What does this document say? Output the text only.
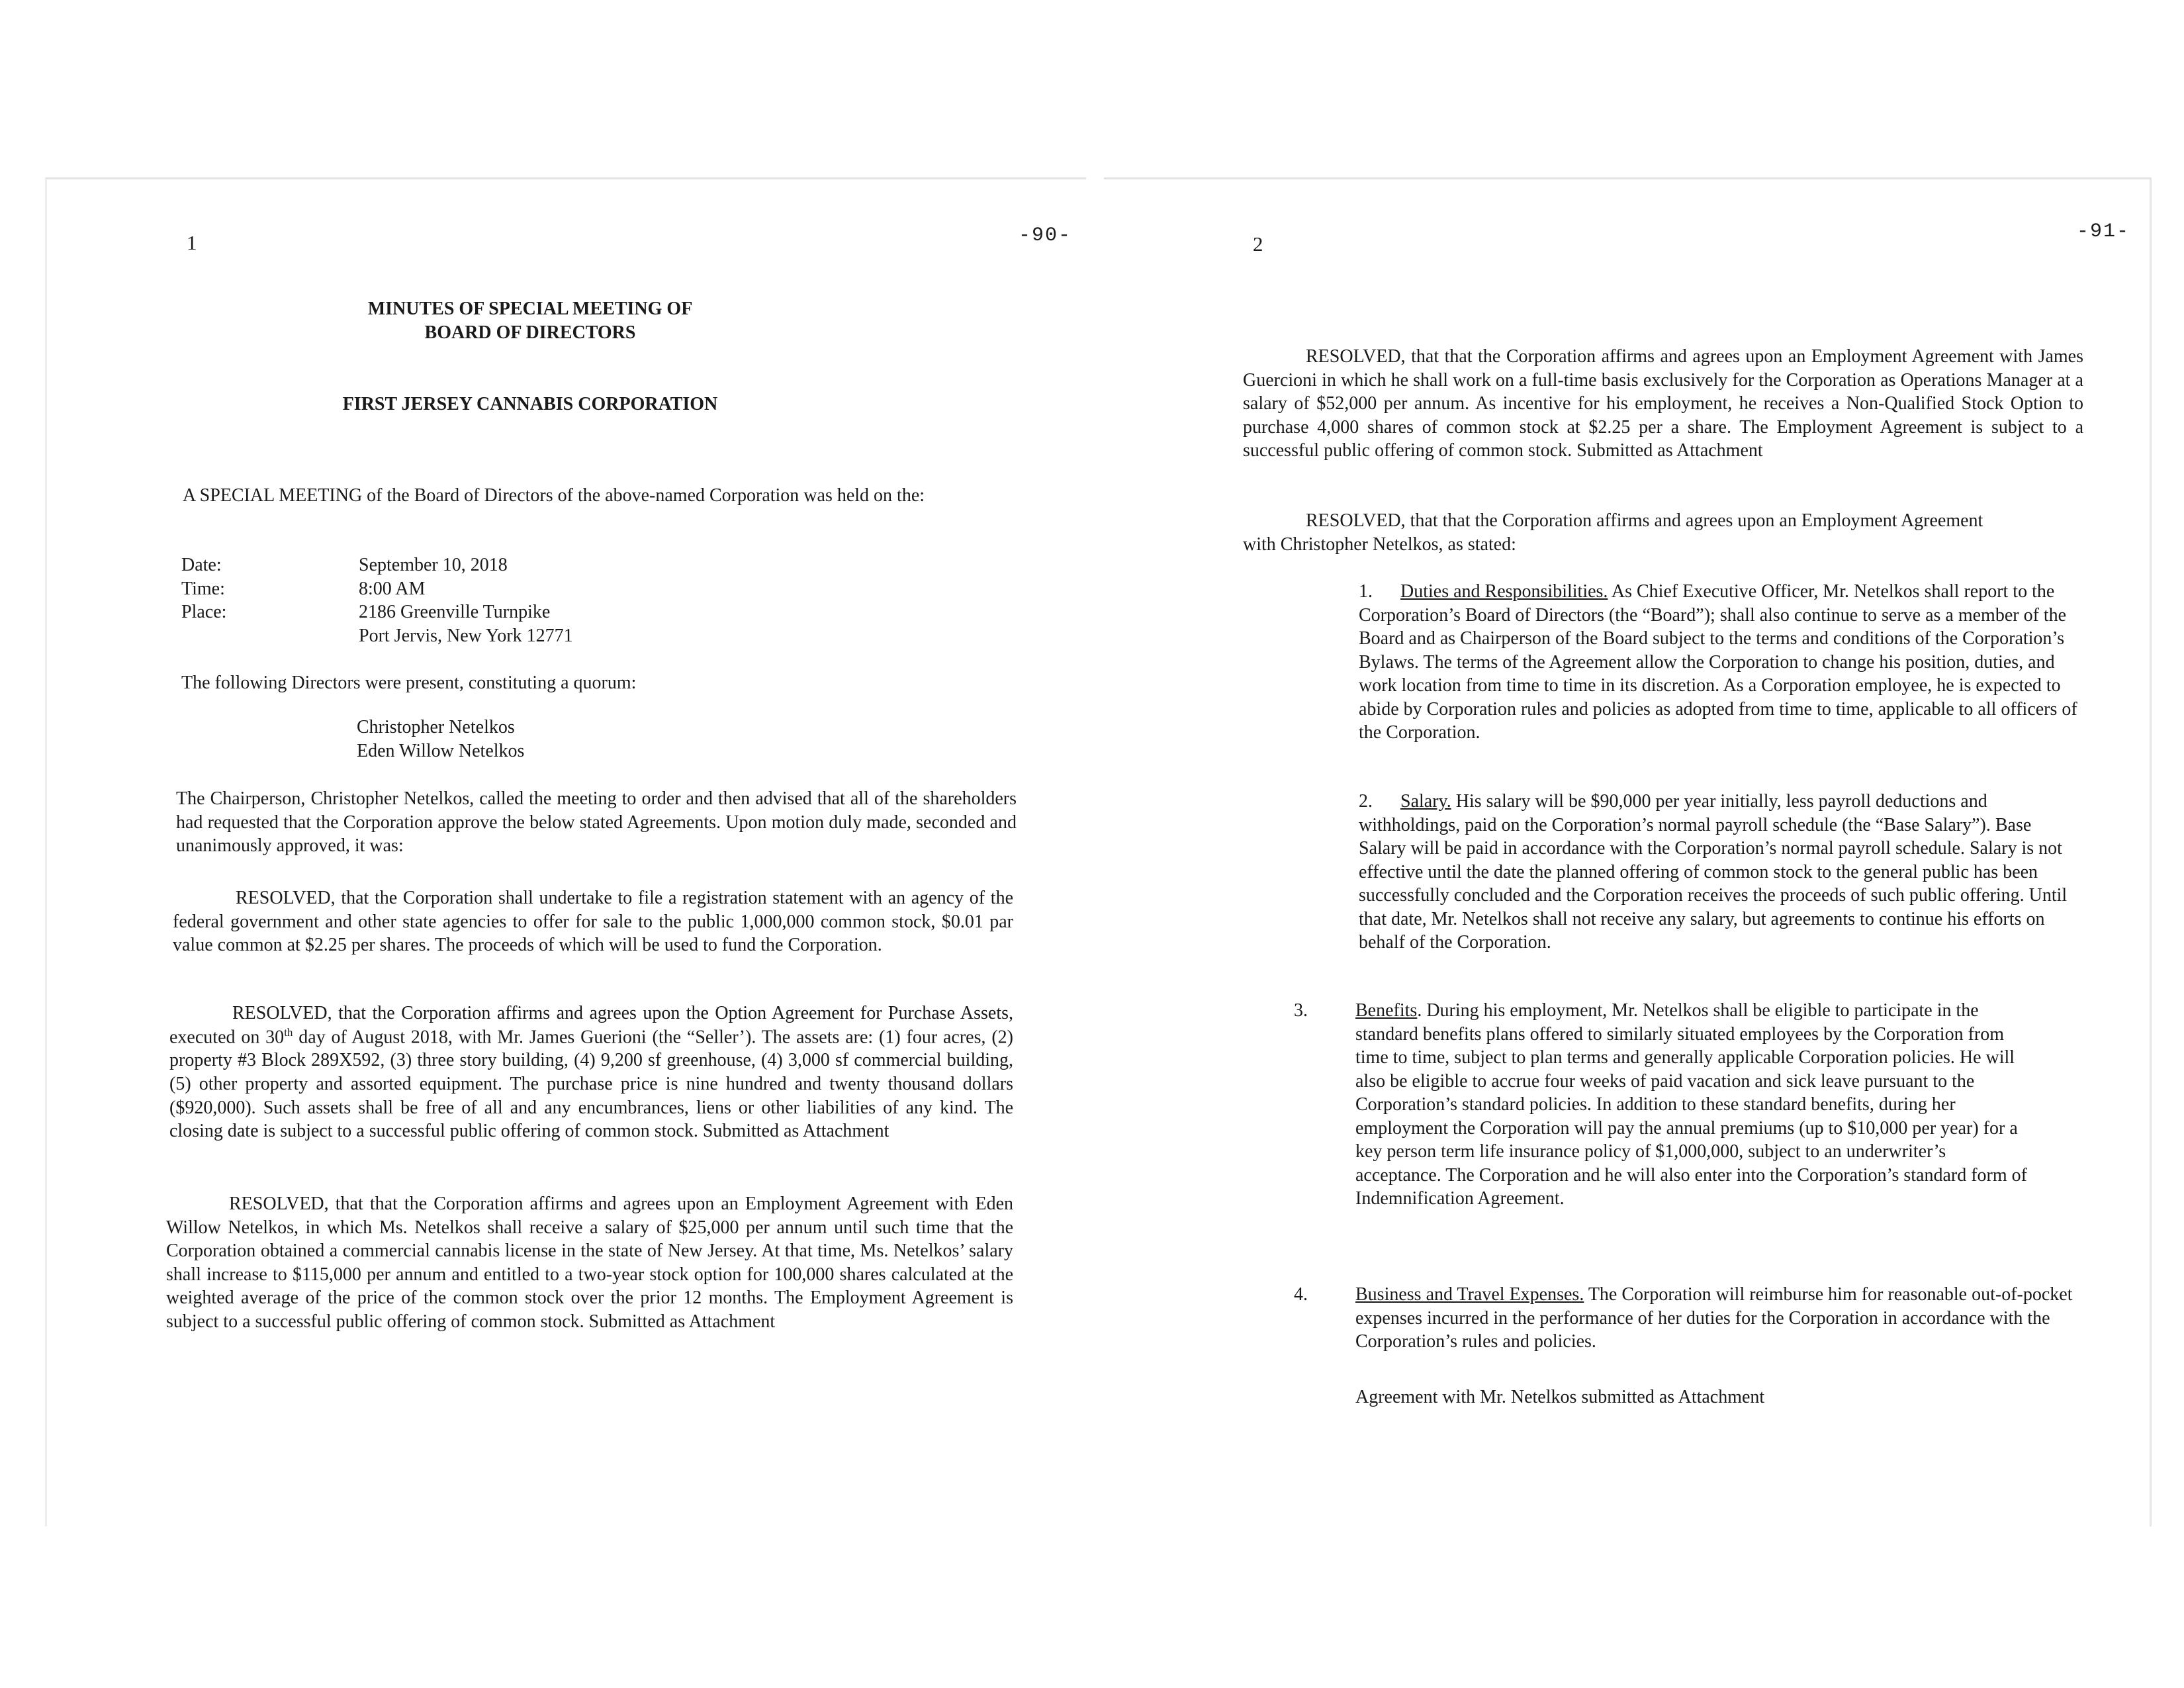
1	-90-
MINUTES OF SPECIAL MEETING OF
BOARD OF DIRECTORS
FIRST JERSEY CANNABIS CORPORATION
A SPECIAL MEETING of the Board of Directors of the above-named Corporation was held on the:
Date:	September 10, 2018
Time:	8:00 AM
Place:	2186 Greenville Turnpike
Port Jervis, New York 12771
The following Directors were present, constituting a quorum:
Christopher Netelkos
Eden Willow Netelkos

The Chairperson, Christopher Netelkos, called the meeting to order and then advised that all of the shareholders had requested that the Corporation approve the below stated Agreements. Upon motion duly made, seconded and unanimously approved, it was:

RESOLVED, that the Corporation shall undertake to file a registration statement with an agency of the federal government and other state agencies to offer for sale to the public 1,000,000 common stock, $0.01 par value common at $2.25 per shares. The proceeds of which will be used to fund the Corporation.

RESOLVED, that the Corporation affirms and agrees upon the Option Agreement for Purchase Assets, executed on 30th day of August 2018, with Mr. James Guerioni (the “Seller’). The assets are: (1) four acres, (2) property #3 Block 289X592, (3) three story building, (4) 9,200 sf greenhouse, (4) 3,000 sf commercial building, (5) other property and assorted equipment. The purchase price is nine hundred and twenty thousand dollars ($920,000). Such assets shall be free of all and any encumbrances, liens or other liabilities of any kind. The closing date is subject to a successful public offering of common stock. Submitted as Attachment

RESOLVED, that that the Corporation affirms and agrees upon an Employment Agreement with Eden Willow Netelkos, in which Ms. Netelkos shall receive a salary of $25,000 per annum until such time that the Corporation obtained a commercial cannabis license in the state of New Jersey. At that time, Ms. Netelkos’ salary shall increase to $115,000 per annum and entitled to a two-year stock option for 100,000 shares calculated at the weighted average of the price of the common stock over the prior 12 months. The Employment Agreement is subject to a successful public offering of common stock. Submitted as Attachment

2
-91-

RESOLVED, that that the Corporation affirms and agrees upon an Employment Agreement with James Guercioni in which he shall work on a full-time basis exclusively for the Corporation as Operations Manager at a salary of $52,000 per annum. As incentive for his employment, he receives a Non-Qualified Stock Option to purchase 4,000 shares of common stock at $2.25 per a share. The Employment Agreement is subject to a successful public offering of common stock. Submitted as Attachment

RESOLVED, that that the Corporation affirms and agrees upon an Employment Agreement with Christopher Netelkos, as stated:

1. Duties and Responsibilities. As Chief Executive Officer, Mr. Netelkos shall report to the Corporation’s Board of Directors (the “Board”); shall also continue to serve as a member of the Board and as Chairperson of the Board subject to the terms and conditions of the Corporation’s Bylaws. The terms of the Agreement allow the Corporation to change his position, duties, and work location from time to time in its discretion. As a Corporation employee, he is expected to abide by Corporation rules and policies as adopted from time to time, applicable to all officers of the Corporation.

2. Salary. His salary will be $90,000 per year initially, less payroll deductions and withholdings, paid on the Corporation’s normal payroll schedule (the “Base Salary”). Base Salary will be paid in accordance with the Corporation’s normal payroll schedule. Salary is not effective until the date the planned offering of common stock to the general public has been successfully concluded and the Corporation receives the proceeds of such public offering. Until that date, Mr. Netelkos shall not receive any salary, but agreements to continue his efforts on behalf of the Corporation.

3.	Benefits. During his employment, Mr. Netelkos shall be eligible to participate in the standard benefits plans offered to similarly situated employees by the Corporation from time to time, subject to plan terms and generally applicable Corporation policies. He will also be eligible to accrue four weeks of paid vacation and sick leave pursuant to the Corporation’s standard policies. In addition to these standard benefits, during her employment the Corporation will pay the annual premiums (up to $10,000 per year) for a key person term life insurance policy of $1,000,000, subject to an underwriter’s acceptance. The Corporation and he will also enter into the Corporation’s standard form of Indemnification Agreement.

4.	Business and Travel Expenses. The Corporation will reimburse him for reasonable out-of-pocket expenses incurred in the performance of her duties for the Corporation in accordance with the Corporation’s rules and policies.

Agreement with Mr. Netelkos submitted as Attachment
